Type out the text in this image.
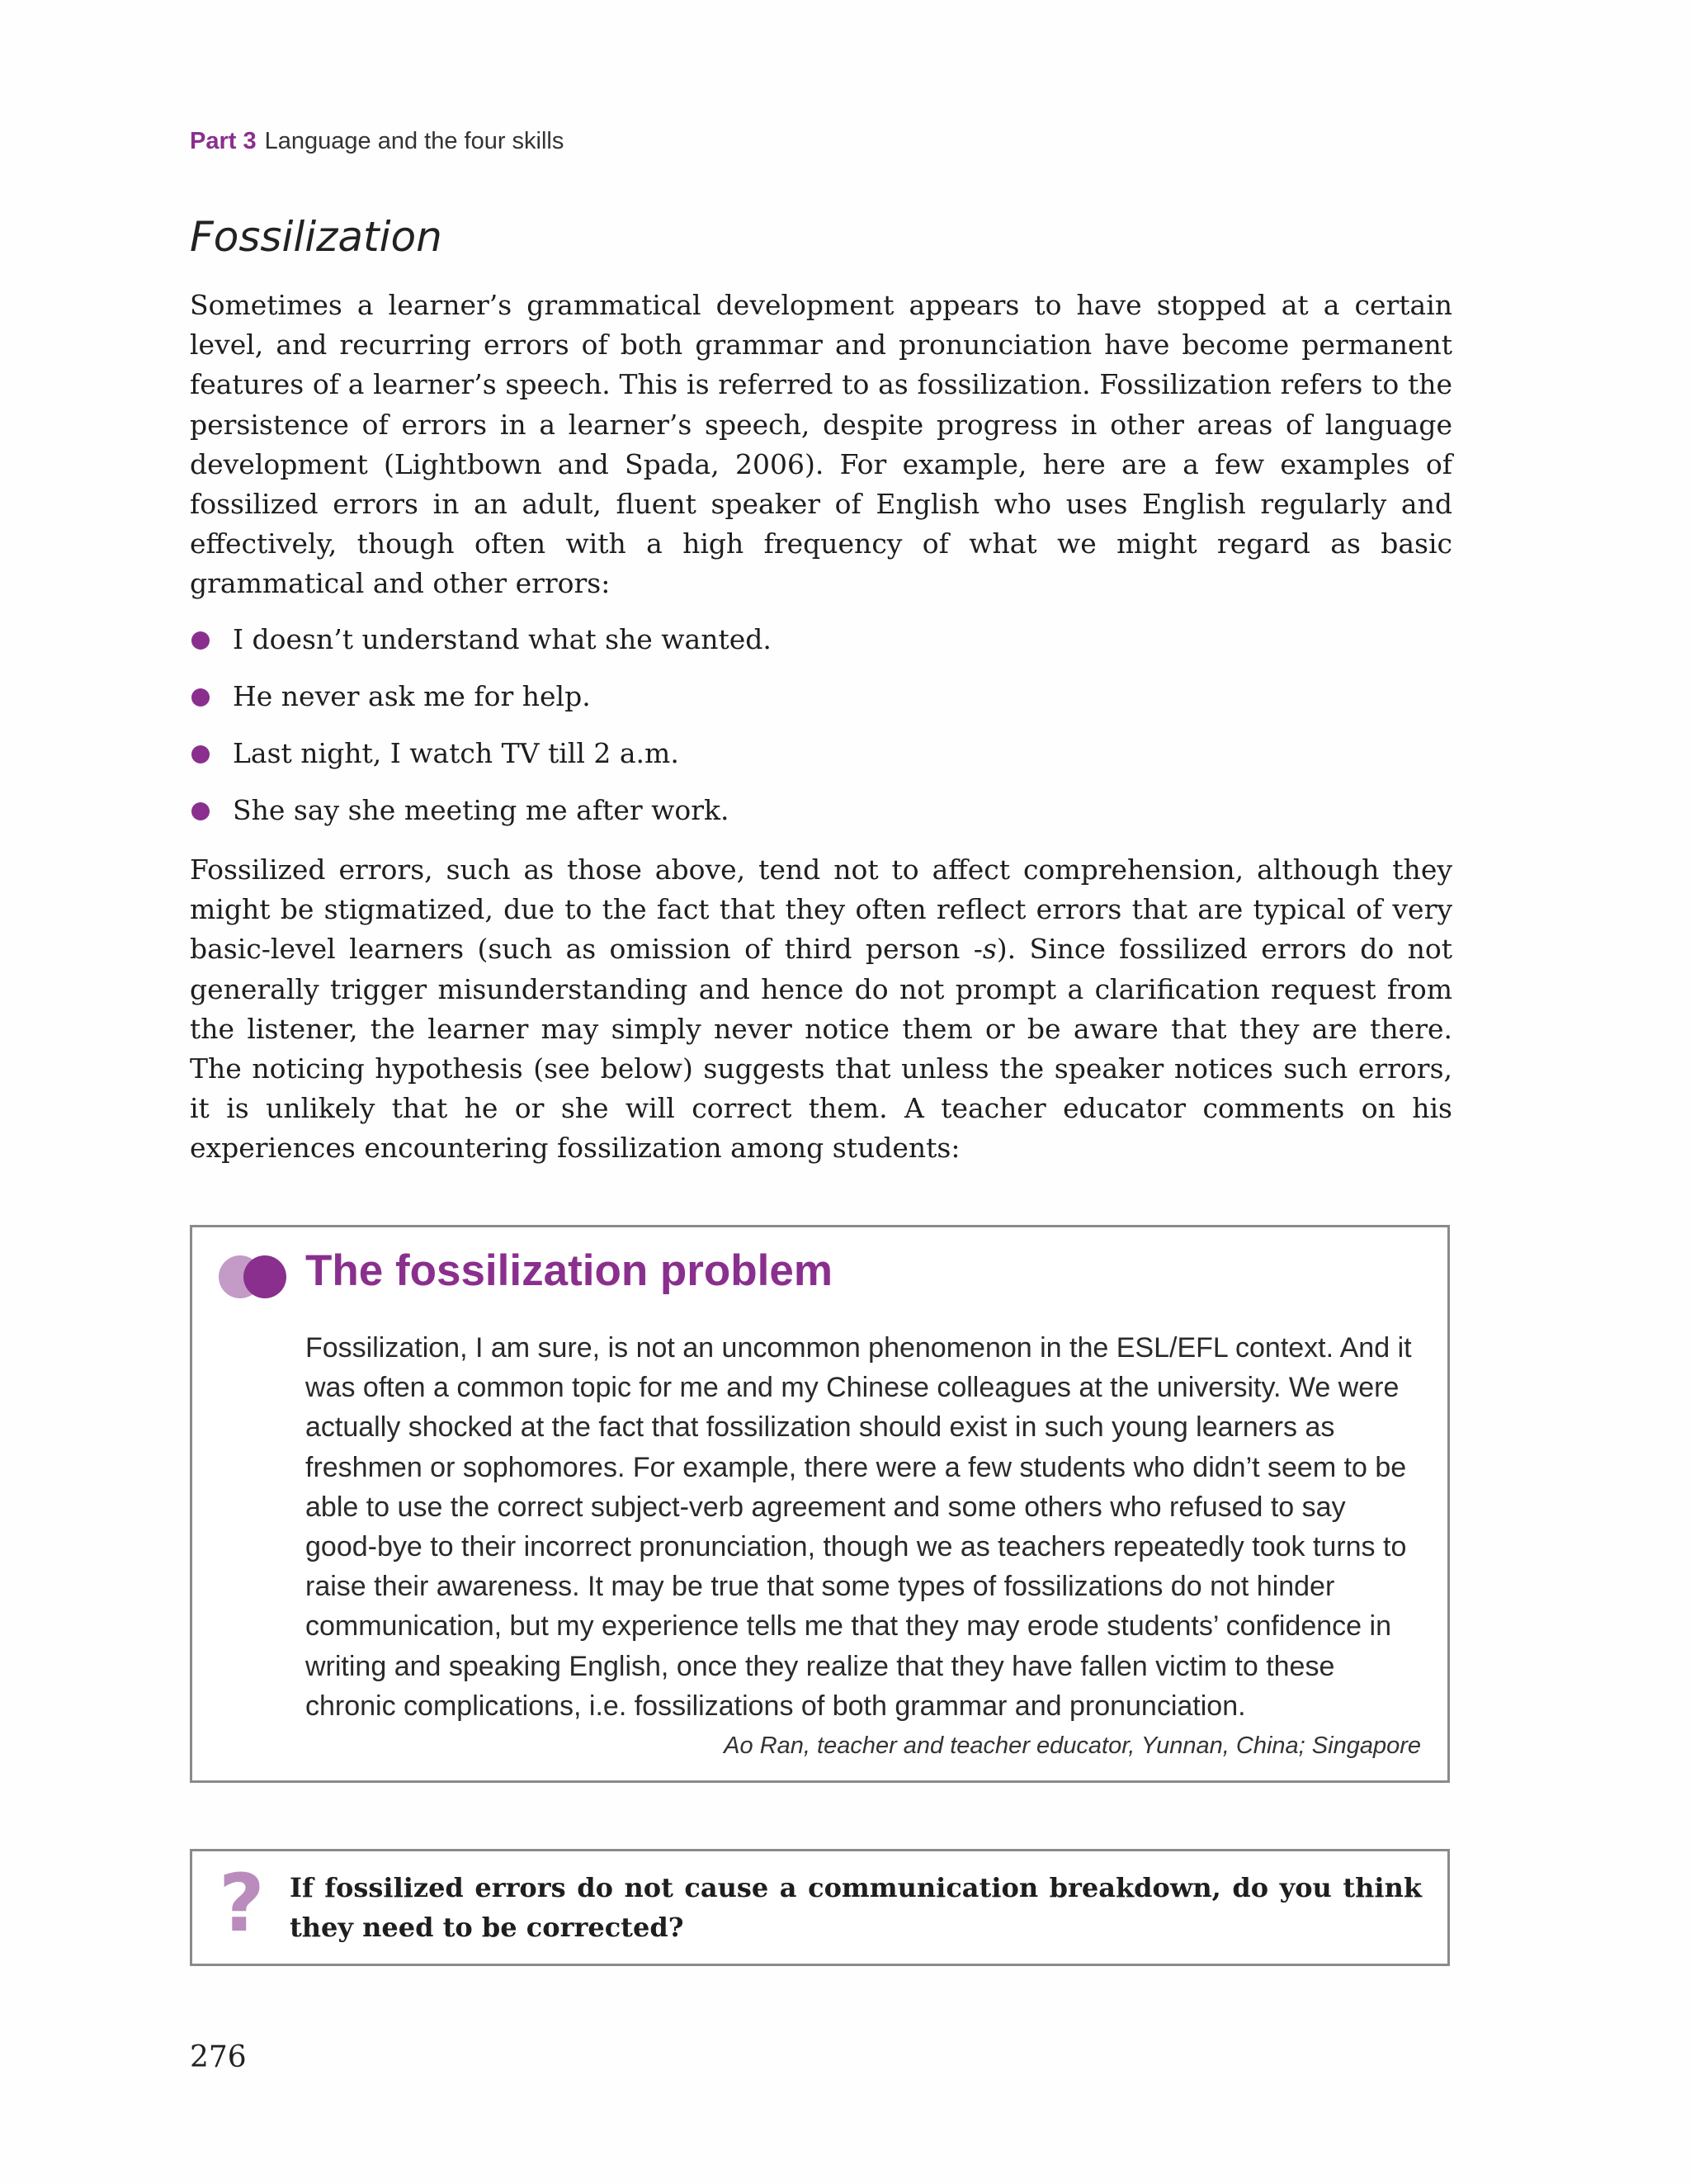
Part 3 Language and the four skills
Fossilization

Sometimes a learner’s grammatical development appears to have stopped at a certain level, and recurring errors of both grammar and pronunciation have become permanent features of a learner’s speech. This is referred to as fossilization. Fossilization refers to the persistence of errors in a learner’s speech, despite progress in other areas of language development (Lightbown and Spada, 2006). For example, here are a few examples of fossilized errors in an adult, fluent speaker of English who uses English regularly and effectively, though often with a high frequency of what we might regard as basic grammatical and other errors:

I doesn’t understand what she wanted.
He never ask me for help.
Last night, I watch TV till 2 a.m.
She say she meeting me after work.

Fossilized errors, such as those above, tend not to affect comprehension, although they might be stigmatized, due to the fact that they often reflect errors that are typical of very basic-level learners (such as omission of third person -s). Since fossilized errors do not generally trigger misunderstanding and hence do not prompt a clarification request from the listener, the learner may simply never notice them or be aware that they are there. The noticing hypothesis (see below) suggests that unless the speaker notices such errors, it is unlikely that he or she will correct them. A teacher educator comments on his experiences encountering fossilization among students:

The fossilization problem

Fossilization, I am sure, is not an uncommon phenomenon in the ESL/EFL context. And it was often a common topic for me and my Chinese colleagues at the university. We were actually shocked at the fact that fossilization should exist in such young learners as freshmen or sophomores. For example, there were a few students who didn’t seem to be able to use the correct subject-verb agreement and some others who refused to say good-bye to their incorrect pronunciation, though we as teachers repeatedly took turns to raise their awareness. It may be true that some types of fossilizations do not hinder communication, but my experience tells me that they may erode students’ confidence in writing and speaking English, once they realize that they have fallen victim to these chronic complications, i.e. fossilizations of both grammar and pronunciation.

Ao Ran, teacher and teacher educator, Yunnan, China; Singapore

? If fossilized errors do not cause a communication breakdown, do you think they need to be corrected?

276
